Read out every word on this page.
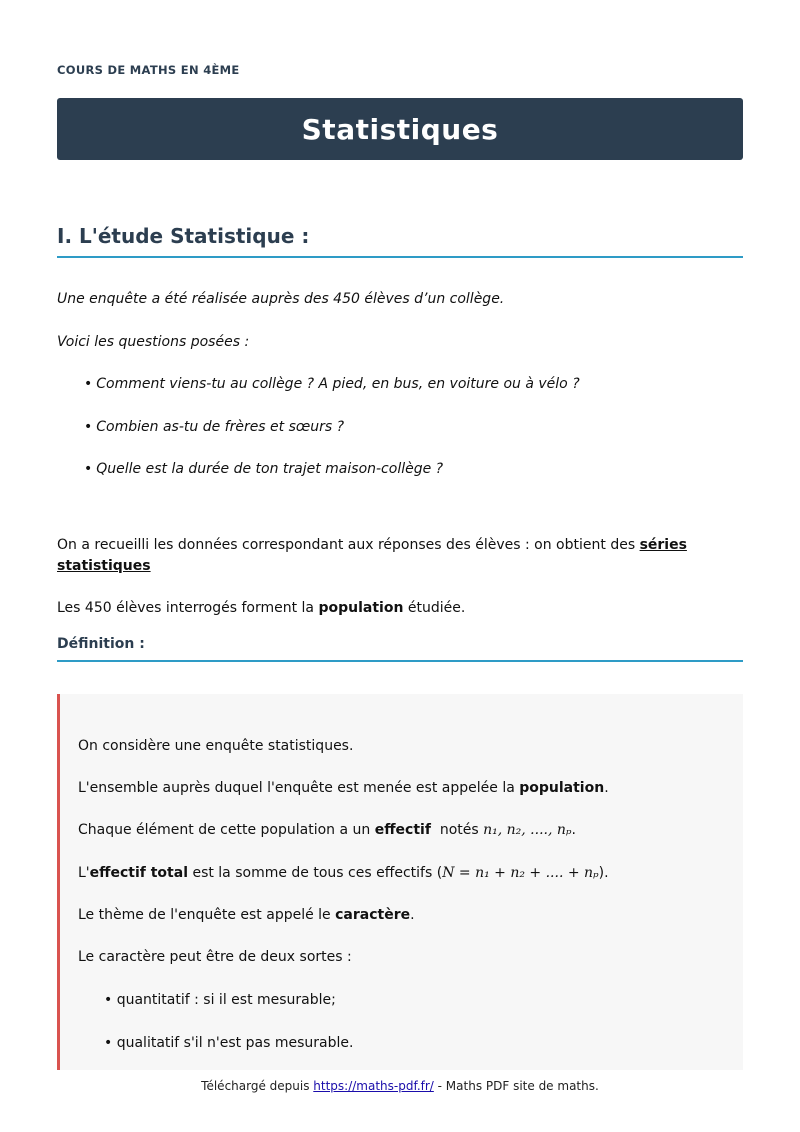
COURS DE MATHS EN 4ÈME
Statistiques
I. L'étude Statistique :

Une enquête a été réalisée auprès des 450 élèves d’un collège.

Voici les questions posées :

• Comment viens-tu au collège ? A pied, en bus, en voiture ou à vélo ?
• Combien as-tu de frères et sœurs ?
• Quelle est la durée de ton trajet maison-collège ?

On a recueilli les données correspondant aux réponses des élèves : on obtient des séries statistiques

Les 450 élèves interrogés forment la population étudiée.

Définition :

On considère une enquête statistiques.

L'ensemble auprès duquel l'enquête est menée est appelée la population.

Chaque élément de cette population a un effectif  notés n₁, n₂, ...., nₚ.

L'effectif total est la somme de tous ces effectifs (N = n₁ + n₂ + .... + nₚ).

Le thème de l'enquête est appelé le caractère.

Le caractère peut être de deux sortes :

• quantitatif : si il est mesurable;
• qualitatif s'il n'est pas mesurable.
Téléchargé depuis https://maths-pdf.fr/ - Maths PDF site de maths.
